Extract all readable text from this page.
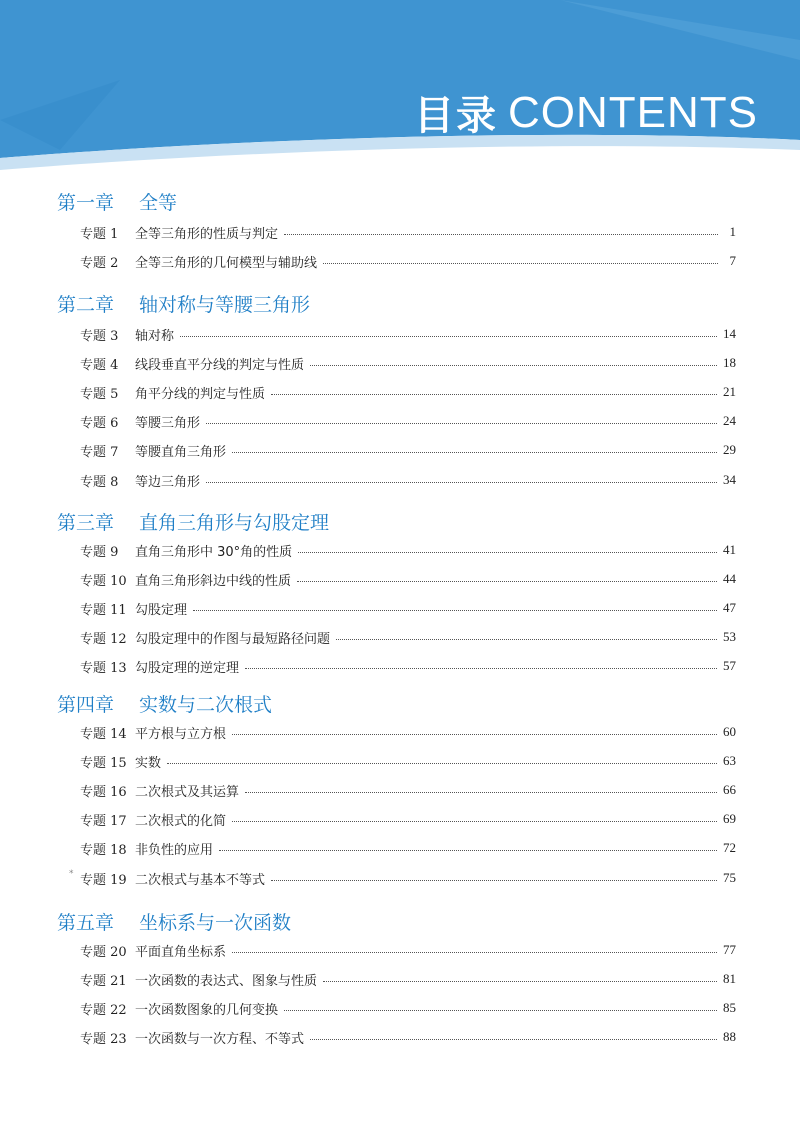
目录 CONTENTS
第一章 全等
专题 1	全等三角形的性质与判定	1
专题 2	全等三角形的几何模型与辅助线	7
第二章 轴对称与等腰三角形
专题 3	轴对称	14
专题 4	线段垂直平分线的判定与性质	18
专题 5	角平分线的判定与性质	21
专题 6	等腰三角形	24
专题 7	等腰直角三角形	29
专题 8	等边三角形	34
第三章 直角三角形与勾股定理
专题 9	直角三角形中 30°角的性质	41
专题 10 直角三角形斜边中线的性质	44
专题 11 勾股定理	47
专题 12 勾股定理中的作图与最短路径问题	53
专题 13 勾股定理的逆定理	57
第四章 实数与二次根式
专题 14 平方根与立方根	60
专题 15 实数	63
专题 16 二次根式及其运算	66
专题 17 二次根式的化简	69
专题 18 非负性的应用	72
* 专题 19 二次根式与基本不等式	75
第五章 坐标系与一次函数
专题 20 平面直角坐标系	77
专题 21 一次函数的表达式、图象与性质	81
专题 22 一次函数图象的几何变换	85
专题 23 一次函数与一次方程、不等式	88
